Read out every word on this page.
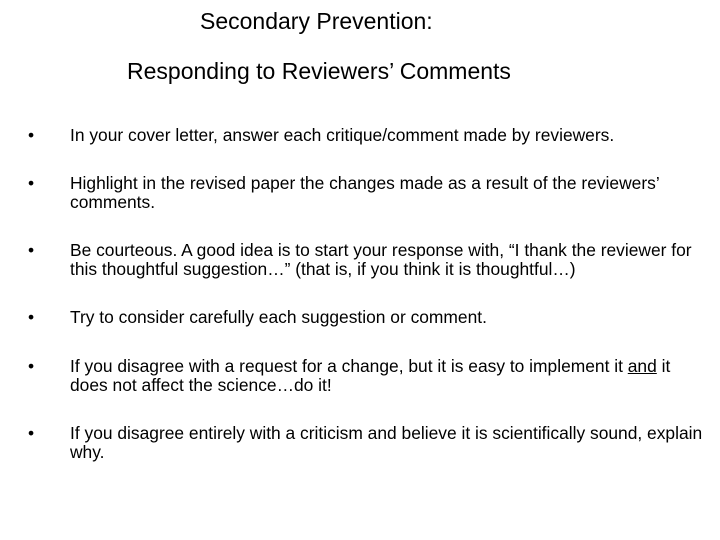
Secondary Prevention:
Responding to Reviewers’ Comments
•	In your cover letter, answer each critique/comment made by reviewers.
•	Highlight in the revised paper the changes made as a result of the reviewers’ comments.
•	Be courteous. A good idea is to start your response with, “I thank the reviewer for this thoughtful suggestion…” (that is, if you think it is thoughtful…)
•	Try to consider carefully each suggestion or comment.
•	If you disagree with a request for a change, but it is easy to implement it and it does not affect the science…do it!
•	If you disagree entirely with a criticism and believe it is scientifically sound, explain why.
